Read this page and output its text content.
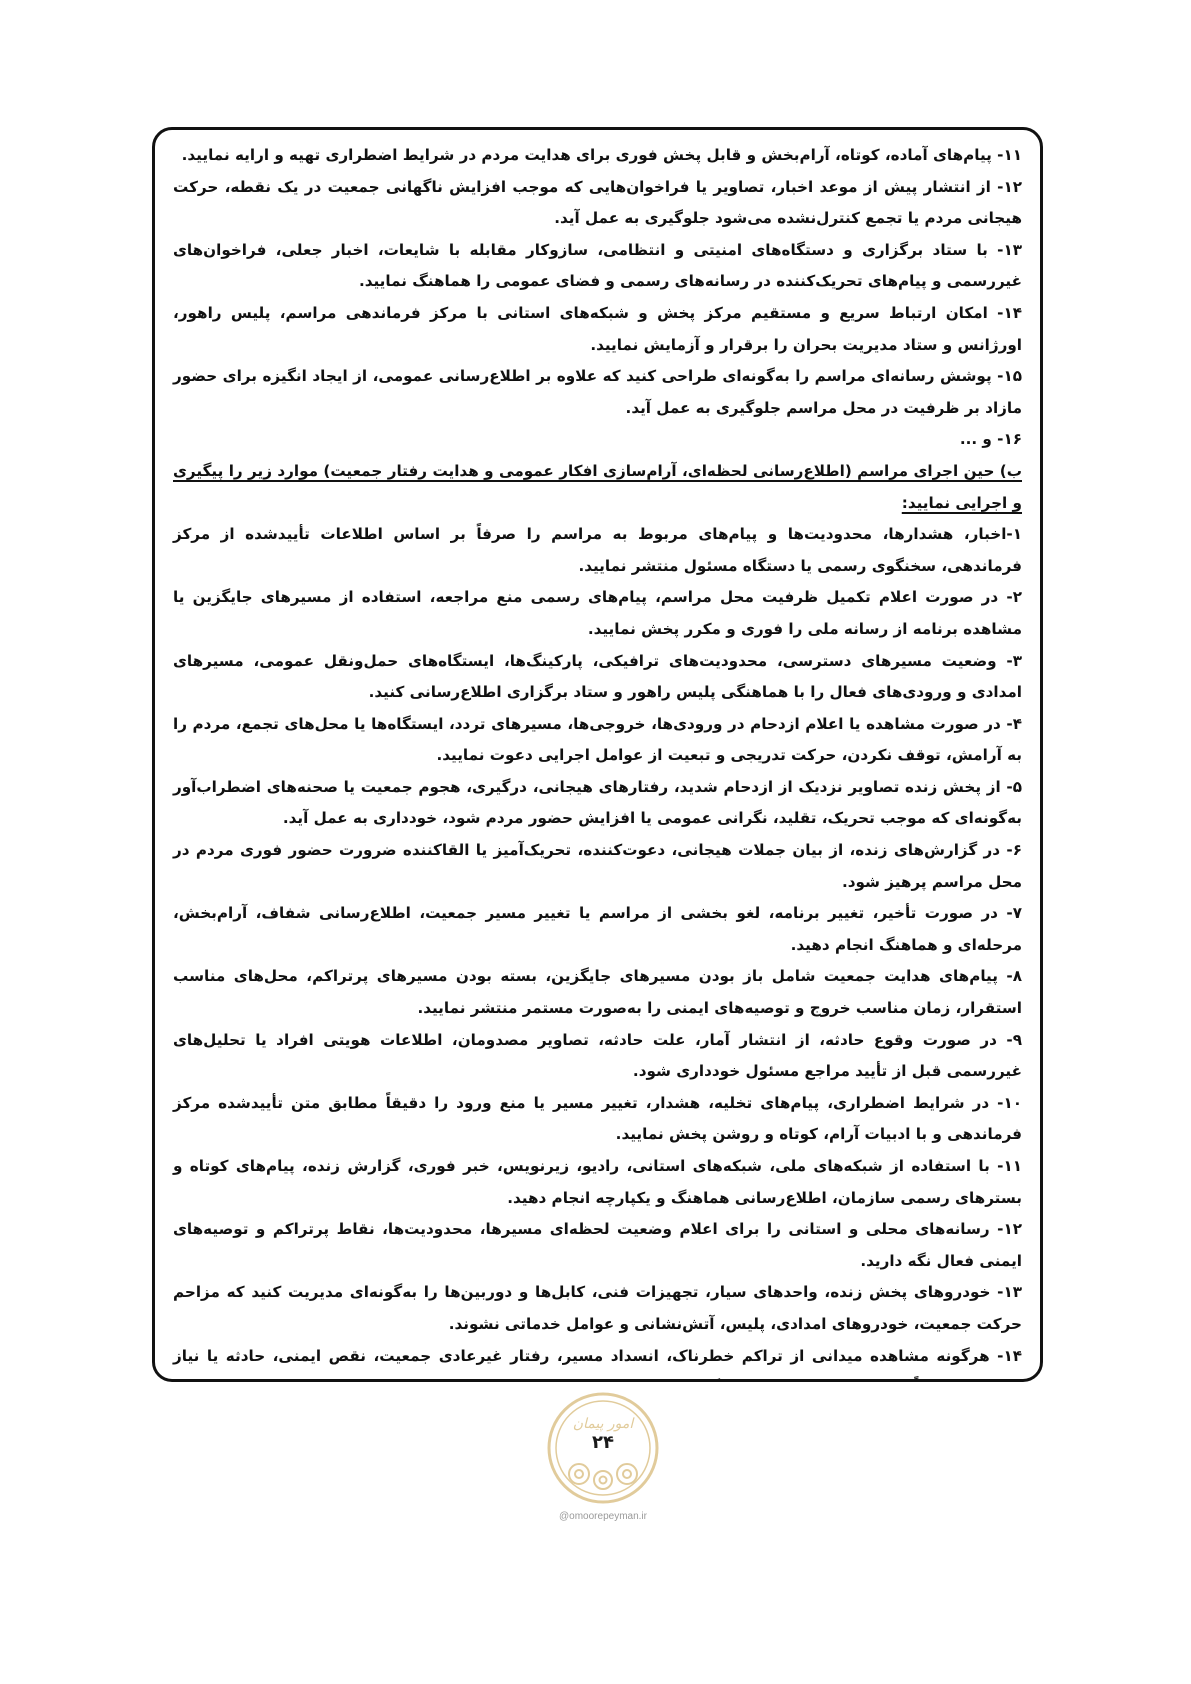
۱۱- پیام‌های آماده، کوتاه، آرام‌بخش و قابل پخش فوری برای هدایت مردم در شرایط اضطراری تهیه و ارایه نمایید.

۱۲- از انتشار پیش از موعد اخبار، تصاویر یا فراخوان‌هایی که موجب افزایش ناگهانی جمعیت در یک نقطه، حرکت هیجانی مردم یا تجمع کنترل‌نشده می‌شود جلوگیری به عمل آید.

۱۳- با ستاد برگزاری و دستگاه‌های امنیتی و انتظامی، سازوکار مقابله با شایعات، اخبار جعلی، فراخوان‌های غیررسمی و پیام‌های تحریک‌کننده در رسانه‌های رسمی و فضای عمومی را هماهنگ نمایید.

۱۴- امکان ارتباط سریع و مستقیم مرکز پخش و شبکه‌های استانی با مرکز فرماندهی مراسم، پلیس راهور، اورژانس و ستاد مدیریت بحران را برقرار و آزمایش نمایید.

۱۵- پوشش رسانه‌ای مراسم را به‌گونه‌ای طراحی کنید که علاوه بر اطلاع‌رسانی عمومی، از ایجاد انگیزه برای حضور مازاد بر ظرفیت در محل مراسم جلوگیری به عمل آید.

۱۶- و ...

ب) حین اجرای مراسم (اطلاع‌رسانی لحظه‌ای، آرام‌سازی افکار عمومی و هدایت رفتار جمعیت) موارد زیر را پیگیری و اجرایی نمایید:

۱-اخبار، هشدارها، محدودیت‌ها و پیام‌های مربوط به مراسم را صرفاً بر اساس اطلاعات تأییدشده از مرکز فرماندهی، سخنگوی رسمی یا دستگاه مسئول منتشر نمایید.

۲- در صورت اعلام تکمیل ظرفیت محل مراسم، پیام‌های رسمی منع مراجعه، استفاده از مسیرهای جایگزین یا مشاهده برنامه از رسانه ملی را فوری و مکرر پخش نمایید.

۳- وضعیت مسیرهای دسترسی، محدودیت‌های ترافیکی، پارکینگ‌ها، ایستگاه‌های حمل‌ونقل عمومی، مسیرهای امدادی و ورودی‌های فعال را با هماهنگی پلیس راهور و ستاد برگزاری اطلاع‌رسانی کنید.

۴- در صورت مشاهده یا اعلام ازدحام در ورودی‌ها، خروجی‌ها، مسیرهای تردد، ایستگاه‌ها یا محل‌های تجمع، مردم را به آرامش، توقف نکردن، حرکت تدریجی و تبعیت از عوامل اجرایی دعوت نمایید.

۵- از پخش زنده تصاویر نزدیک از ازدحام شدید، رفتارهای هیجانی، درگیری، هجوم جمعیت یا صحنه‌های اضطراب‌آور به‌گونه‌ای که موجب تحریک، تقلید، نگرانی عمومی یا افزایش حضور مردم شود، خودداری به عمل آید.

۶- در گزارش‌های زنده، از بیان جملات هیجانی، دعوت‌کننده، تحریک‌آمیز یا القاکننده ضرورت حضور فوری مردم در محل مراسم پرهیز شود.

۷- در صورت تأخیر، تغییر برنامه، لغو بخشی از مراسم یا تغییر مسیر جمعیت، اطلاع‌رسانی شفاف، آرام‌بخش، مرحله‌ای و هماهنگ انجام دهید.

۸- پیام‌های هدایت جمعیت شامل باز بودن مسیرهای جایگزین، بسته بودن مسیرهای پرتراکم، محل‌های مناسب استقرار، زمان مناسب خروج و توصیه‌های ایمنی را به‌صورت مستمر منتشر نمایید.

۹- در صورت وقوع حادثه، از انتشار آمار، علت حادثه، تصاویر مصدومان، اطلاعات هویتی افراد یا تحلیل‌های غیررسمی قبل از تأیید مراجع مسئول خودداری شود.

۱۰- در شرایط اضطراری، پیام‌های تخلیه، هشدار، تغییر مسیر یا منع ورود را دقیقاً مطابق متن تأییدشده مرکز فرماندهی و با ادبیات آرام، کوتاه و روشن پخش نمایید.

۱۱- با استفاده از شبکه‌های ملی، شبکه‌های استانی، رادیو، زیرنویس، خبر فوری، گزارش زنده، پیام‌های کوتاه و بسترهای رسمی سازمان، اطلاع‌رسانی هماهنگ و یکپارچه انجام دهید.

۱۲- رسانه‌های محلی و استانی را برای اعلام وضعیت لحظه‌ای مسیرها، محدودیت‌ها، نقاط پرتراکم و توصیه‌های ایمنی فعال نگه دارید.

۱۳- خودروهای پخش زنده، واحدهای سیار، تجهیزات فنی، کابل‌ها و دوربین‌ها را به‌گونه‌ای مدیریت کنید که مزاحم حرکت جمعیت، خودروهای امدادی، پلیس، آتش‌نشانی و عوامل خدماتی نشوند.

۱۴- هرگونه مشاهده میدانی از تراکم خطرناک، انسداد مسیر، رفتار غیرعادی جمعیت، نقص ایمنی، حادثه یا نیاز

امور پیمان
۲۴
@omoorepeyman.ir
